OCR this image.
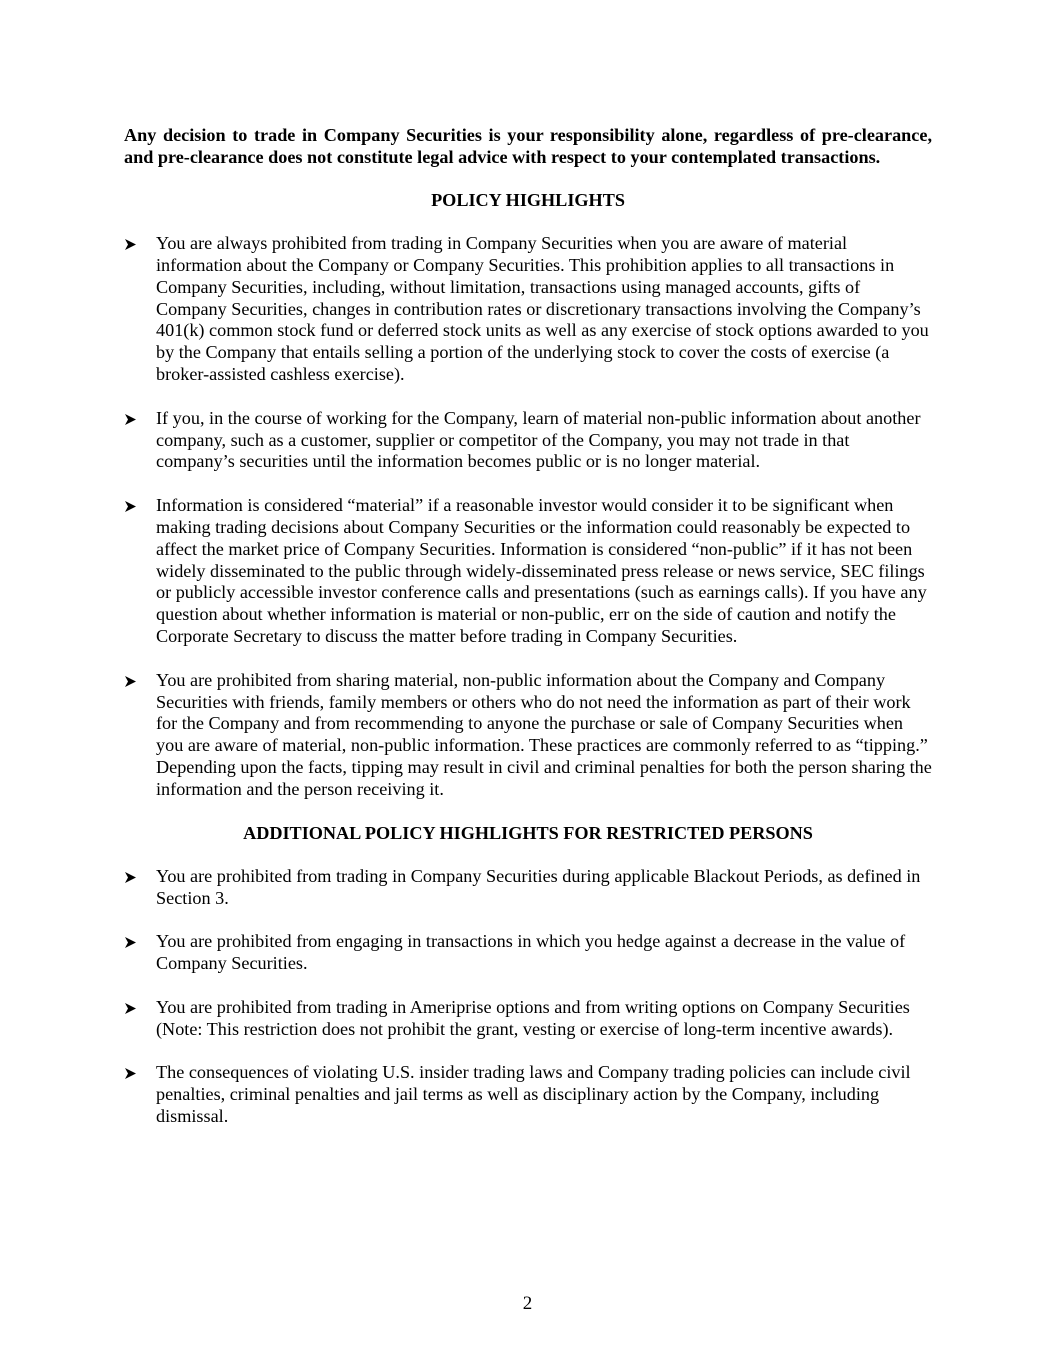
Any decision to trade in Company Securities is your responsibility alone, regardless of pre-clearance, and pre-clearance does not constitute legal advice with respect to your contemplated transactions.

POLICY HIGHLIGHTS
You are always prohibited from trading in Company Securities when you are aware of material information about the Company or Company Securities. This prohibition applies to all transactions in Company Securities, including, without limitation, transactions using managed accounts, gifts of Company Securities, changes in contribution rates or discretionary transactions involving the Company’s 401(k) common stock fund or deferred stock units as well as any exercise of stock options awarded to you by the Company that entails selling a portion of the underlying stock to cover the costs of exercise (a broker-assisted cashless exercise).
If you, in the course of working for the Company, learn of material non-public information about another company, such as a customer, supplier or competitor of the Company, you may not trade in that company’s securities until the information becomes public or is no longer material.
Information is considered “material” if a reasonable investor would consider it to be significant when making trading decisions about Company Securities or the information could reasonably be expected to affect the market price of Company Securities. Information is considered “non-public” if it has not been widely disseminated to the public through widely-disseminated press release or news service, SEC filings or publicly accessible investor conference calls and presentations (such as earnings calls). If you have any question about whether information is material or non-public, err on the side of caution and notify the Corporate Secretary to discuss the matter before trading in Company Securities.
You are prohibited from sharing material, non-public information about the Company and Company Securities with friends, family members or others who do not need the information as part of their work for the Company and from recommending to anyone the purchase or sale of Company Securities when you are aware of material, non-public information. These practices are commonly referred to as “tipping.” Depending upon the facts, tipping may result in civil and criminal penalties for both the person sharing the information and the person receiving it.
ADDITIONAL POLICY HIGHLIGHTS FOR RESTRICTED PERSONS
You are prohibited from trading in Company Securities during applicable Blackout Periods, as defined in Section 3.
You are prohibited from engaging in transactions in which you hedge against a decrease in the value of Company Securities.
You are prohibited from trading in Ameriprise options and from writing options on Company Securities (Note: This restriction does not prohibit the grant, vesting or exercise of long-term incentive awards).
The consequences of violating U.S. insider trading laws and Company trading policies can include civil penalties, criminal penalties and jail terms as well as disciplinary action by the Company, including dismissal.
2
